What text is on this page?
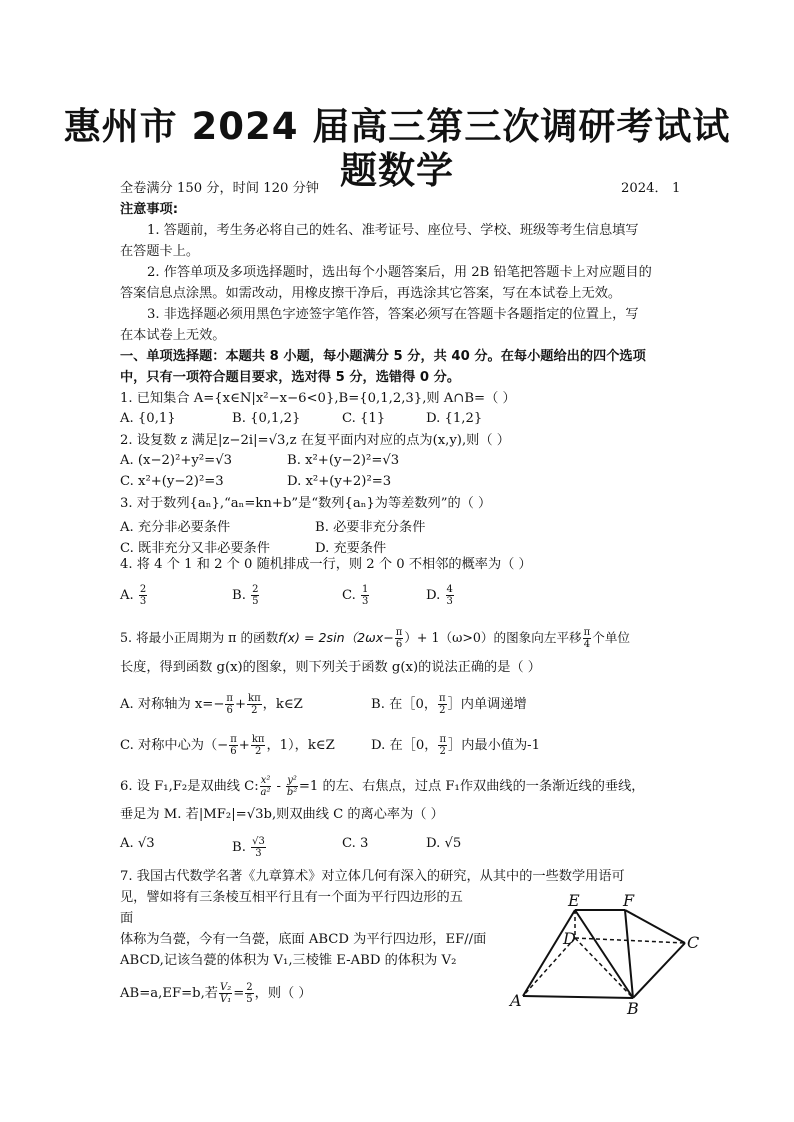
惠州市 2024 届高三第三次调研考试试
题数学
全卷满分 150 分，时间 120 分钟	2024． 1
注意事项:
1. 答题前，考生务必将自己的姓名、准考证号、座位号、学校、班级等考生信息填写
在答题卡上。
2. 作答单项及多项选择题时，选出每个小题答案后，用 2B 铅笔把答题卡上对应题目的
答案信息点涂黑。如需改动，用橡皮擦干净后，再选涂其它答案，写在本试卷上无效。
3. 非选择题必须用黑色字迹签字笔作答，答案必须写在答题卡各题指定的位置上，写
在本试卷上无效。
一、单项选择题：本题共 8 小题，每小题满分 5 分，共 40 分。在每小题给出的四个选项
中，只有一项符合题目要求，选对得 5 分，选错得 0 分。
1. 已知集合 A={x∈N|x²−x−6<0},B={0,1,2,3},则 A∩B=（ ）
A. {0,1}	B. {0,1,2}	C. {1}	D. {1,2}
2. 设复数 z 满足|z−2i|=√3,z 在复平面内对应的点为(x,y),则（ ）
A. (x−2)²+y²=√3	B. x²+(y−2)²=√3
C. x²+(y−2)²=3	D. x²+(y+2)²=3
3. 对于数列{aₙ},“aₙ=kn+b”是“数列{aₙ}为等差数列”的（ ）
A. 充分非必要条件	B. 必要非充分条件
C. 既非充分又非必要条件	D. 充要条件
4. 将 4 个 1 和 2 个 0 随机排成一行，则 2 个 0 不相邻的概率为（ ）
A. $\frac{2}{3}$	B. $\frac{2}{5}$	C. $\frac{1}{3}$	D. $\frac{4}{3}$
5. 将最小正周期为 π 的函数$f(x) = 2\sin(2\omega x- \frac{\pi}{6}$ ）+ 1（ω>0）的图象向左平移 $\frac{\pi}{4}$ 个单位
长度，得到函数 g(x)的图象，则下列关于函数 g(x)的说法正确的是（ ）
A. 对称轴为 $x=- \frac{\pi}{6} + \frac{k\pi}{2}$ ，k∈Z	B. 在［0， $\frac{\pi}{2}$ ］内单调递增
C. 对称中心为（− $\frac{\pi}{6} + \frac{k\pi}{2}$ ，1），k∈Z	D. 在［0， $\frac{\pi}{2}$ ］内最小值为-1
6. 设 F₁,F₂是双曲线 C: $\frac{\text{x²}}{\text{a²}} - \frac{\text{y²}}{\text{b²}} =1$ 的左、右焦点，过点 F₁作双曲线的一条渐近线的垂线，
垂足为 M. 若|MF₂|=√3b,则双曲线 C 的离心率为（ ）
A. √3	B. $\frac{√3}{3}$	C. 3	D. √5
7. 我国古代数学名著《九章算术》对立体几何有深入的研究，从其中的一些数学用语可
见，譬如将有三条棱互相平行且有一个面为平行四边形的五
面
体称为刍甍，今有一刍甍，底面 ABCD 为平行四边形，EF//面
ABCD,记该刍甍的体积为 V₁,三棱锥 E-ABD 的体积为 V₂
AB=a,EF=b,若 $\frac{\text{V₂}}{\text{V₁}} = \frac{2}{5}$ ，则（ ）
E	F
D	C
A	B
